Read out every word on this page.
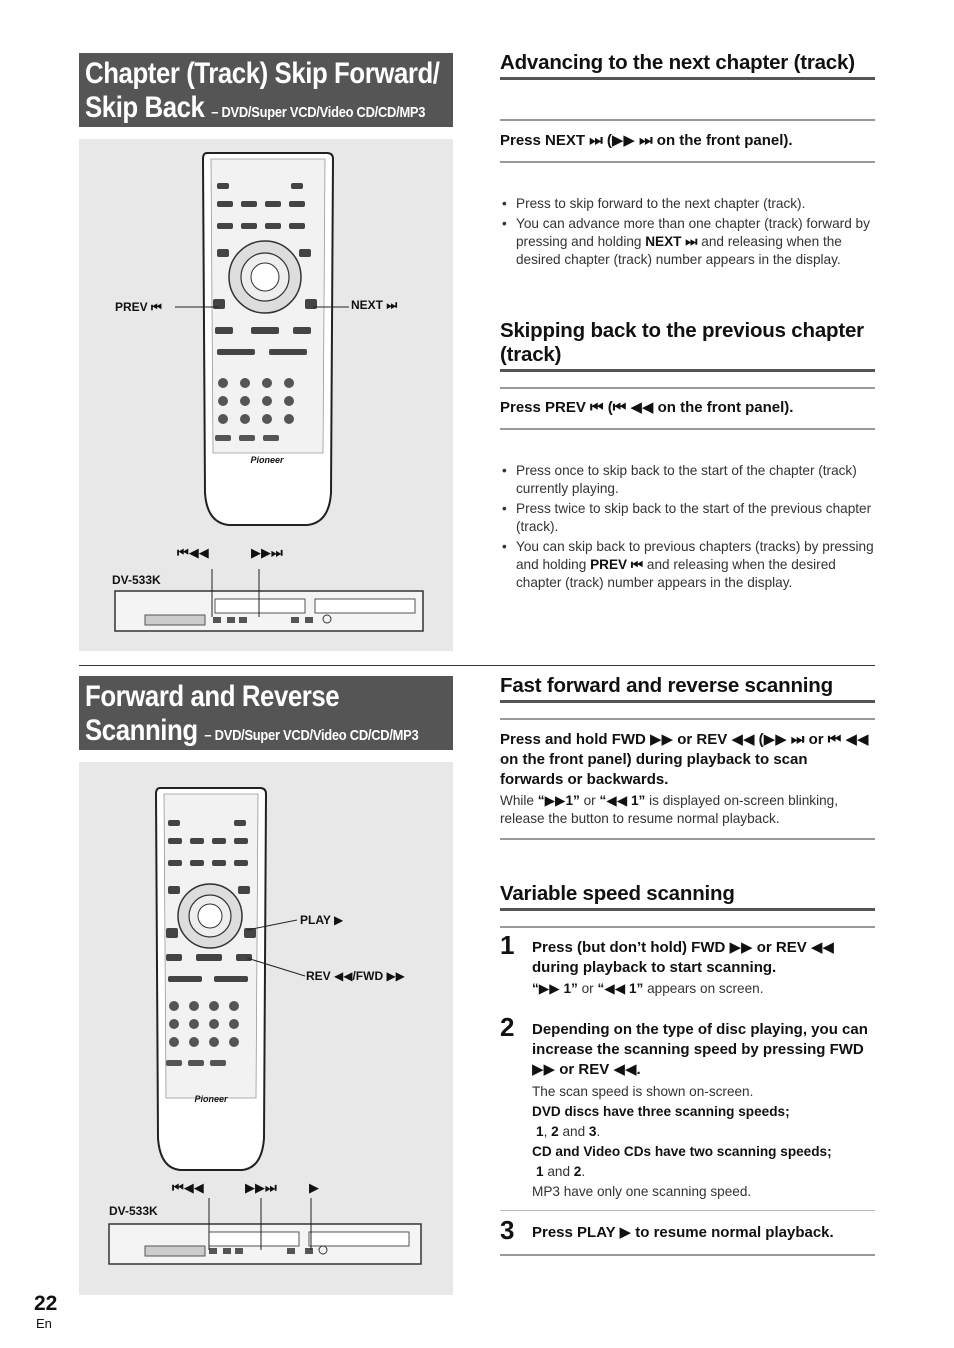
Chapter (Track) Skip Forward/
Skip Back – DVD/Super VCD/Video CD/CD/MP3
Pioneer
PREV ⏮	NEXT ⏭
⏮◀◀	▶▶⏭
DV-533K
Advancing to the next chapter (track)
Press NEXT ⏭ (▶▶ ⏭ on the front panel).
• Press to skip forward to the next chapter (track).
• You can advance more than one chapter (track) forward by pressing and holding NEXT ⏭ and releasing when the desired chapter (track) number appears in the display.
Skipping back to the previous chapter (track)
Press PREV ⏮ (⏮ ◀◀ on the front panel).
• Press once to skip back to the start of the chapter (track) currently playing.
• Press twice to skip back to the start of the previous chapter (track).
• You can skip back to previous chapters (tracks) by pressing and holding PREV ⏮ and releasing when the desired chapter (track) number appears in the display.
Forward and Reverse
Scanning – DVD/Super VCD/Video CD/CD/MP3
Pioneer
PLAY ▶
REV ◀◀/FWD ▶▶
⏮◀◀	▶▶⏭ ▶
DV-533K
Fast forward and reverse scanning
Press and hold FWD ▶▶ or REV ◀◀ (▶▶ ⏭ or ⏮ ◀◀ on the front panel) during playback to scan forwards or backwards.
While “▶▶1” or “◀◀ 1” is displayed on-screen blinking, release the button to resume normal playback.
Variable speed scanning
1 Press (but don’t hold) FWD ▶▶ or REV ◀◀ during playback to start scanning.
“▶▶ 1” or “◀◀ 1” appears on screen.
2 Depending on the type of disc playing, you can increase the scanning speed by pressing FWD ▶▶ or REV ◀◀.
The scan speed is shown on-screen.
DVD discs have three scanning speeds;
1, 2 and 3.
CD and Video CDs have two scanning speeds;
1 and 2.
MP3 have only one scanning speed.
3 Press PLAY ▶ to resume normal playback.
22
En
